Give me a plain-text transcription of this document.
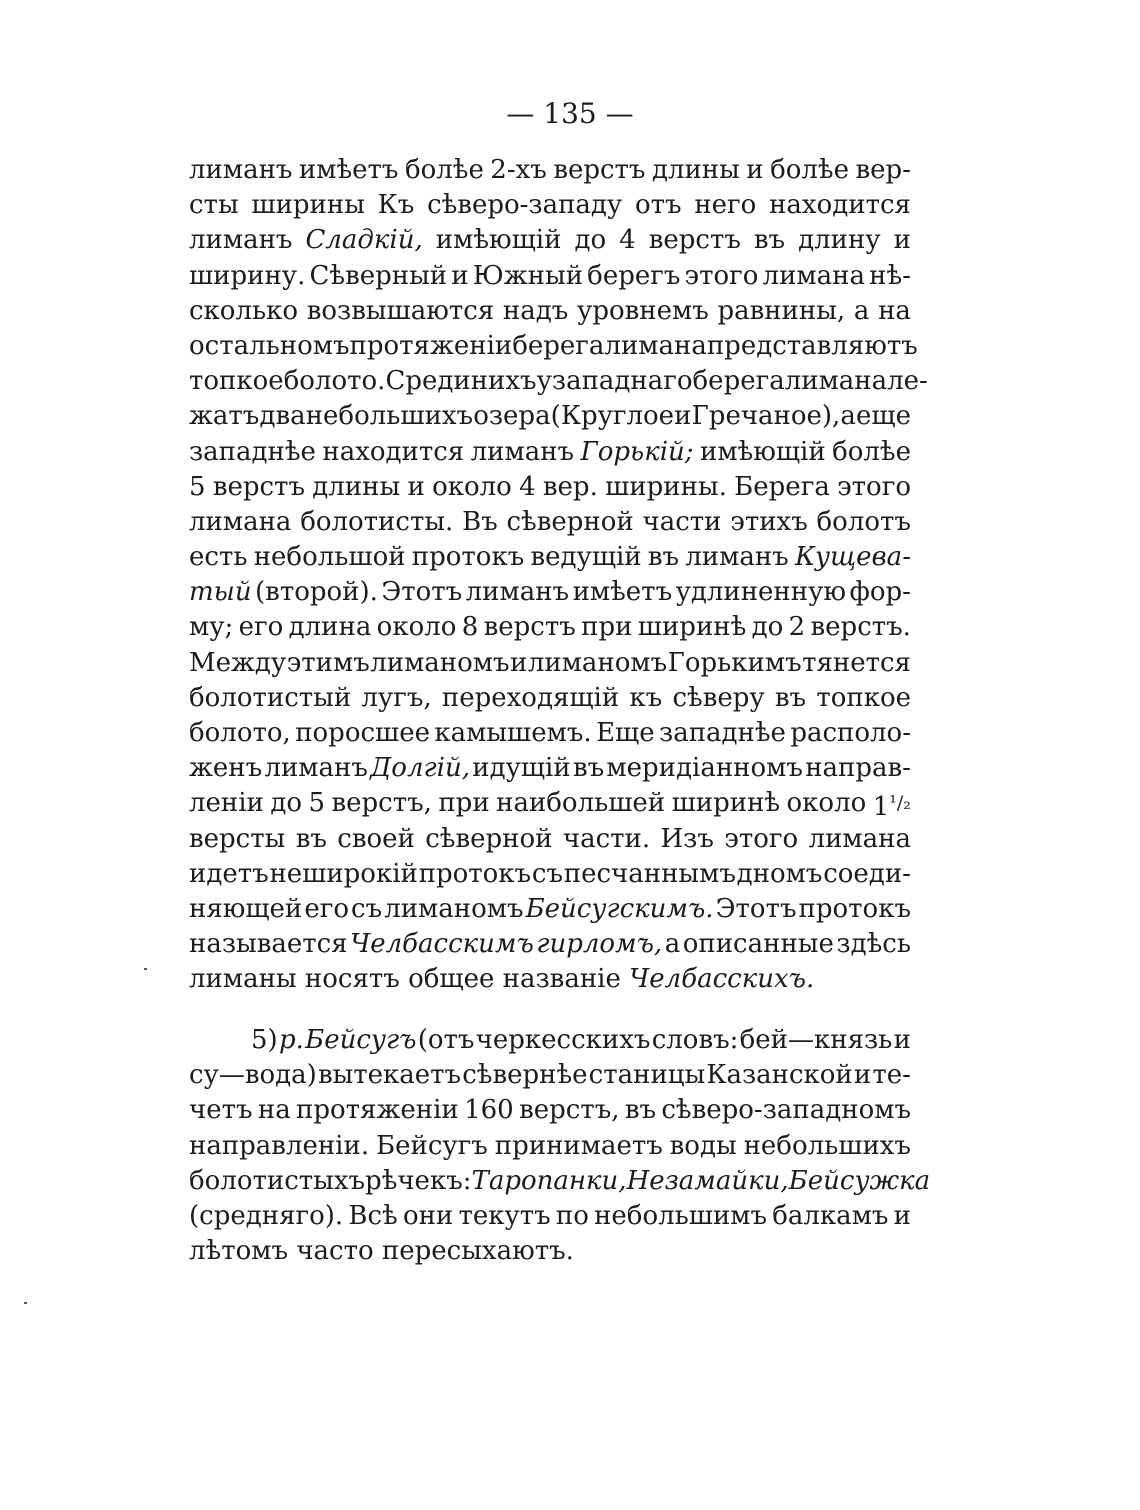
— 135 —
лиманъ имѣетъ болѣе 2-хъ верстъ длины и болѣе вер-
сты ширины Къ сѣверо-западу отъ него находится
лиманъ Сладкій, имѣющій до 4 верстъ въ длину и
ширину. Сѣверный и Южный берегъ этого лимана нѣ-
сколько возвышаются надъ уровнемъ равнины, а на
остальномъ протяженіи берега лимана представляютъ
топкое болото. Среди нихъ у западнаго берега лимана ле-
жатъ два небольшихъ озера (Круглое и Гречаное), а еще
западнѣе находится лиманъ Горькій; имѣющій болѣе
5 верстъ длины и около 4 вер. ширины. Берега этого
лимана болотисты. Въ сѣверной части этихъ болотъ
есть небольшой протокъ ведущій въ лиманъ Кущева-
тый (второй). Этотъ лиманъ имѣетъ удлиненную фор-
му; его длина около 8 верстъ при ширинѣ до 2 верстъ.
Между этимъ лиманомъ и лиманомъ Горькимъ тянется
болотистый лугъ, переходящій къ сѣверу въ топкое
болото, поросшее камышемъ. Еще западнѣе располо-
женъ лиманъ Долгій, идущій въ меридіанномъ направ-
леніи до 5 верстъ, при наибольшей ширинѣ около $1^{^1/_2}$
версты въ своей сѣверной части. Изъ этого лимана
идетъ неширокій протокъ съ песчаннымъ дномъ соеди-
няющей его съ лиманомъ Бейсугскимъ. Этотъ протокъ
называется Челбасскимъ гирломъ, а описанные здѣсь
лиманы носятъ общее названіе Челбасскихъ.
5) р. Бейсугъ (отъ черкесскихъ словъ: бей—князь и
су—вода) вытекаетъ сѣвернѣе станицы Казанской и те-
четъ на протяженіи 160 верстъ, въ сѣверо-западномъ
направленіи. Бейсугъ принимаетъ воды небольшихъ
болотистыхъ рѣчекъ: Таропанки, Незамайки, Бейсужка
(средняго). Всѣ они текутъ по небольшимъ балкамъ и
лѣтомъ часто пересыхаютъ.
